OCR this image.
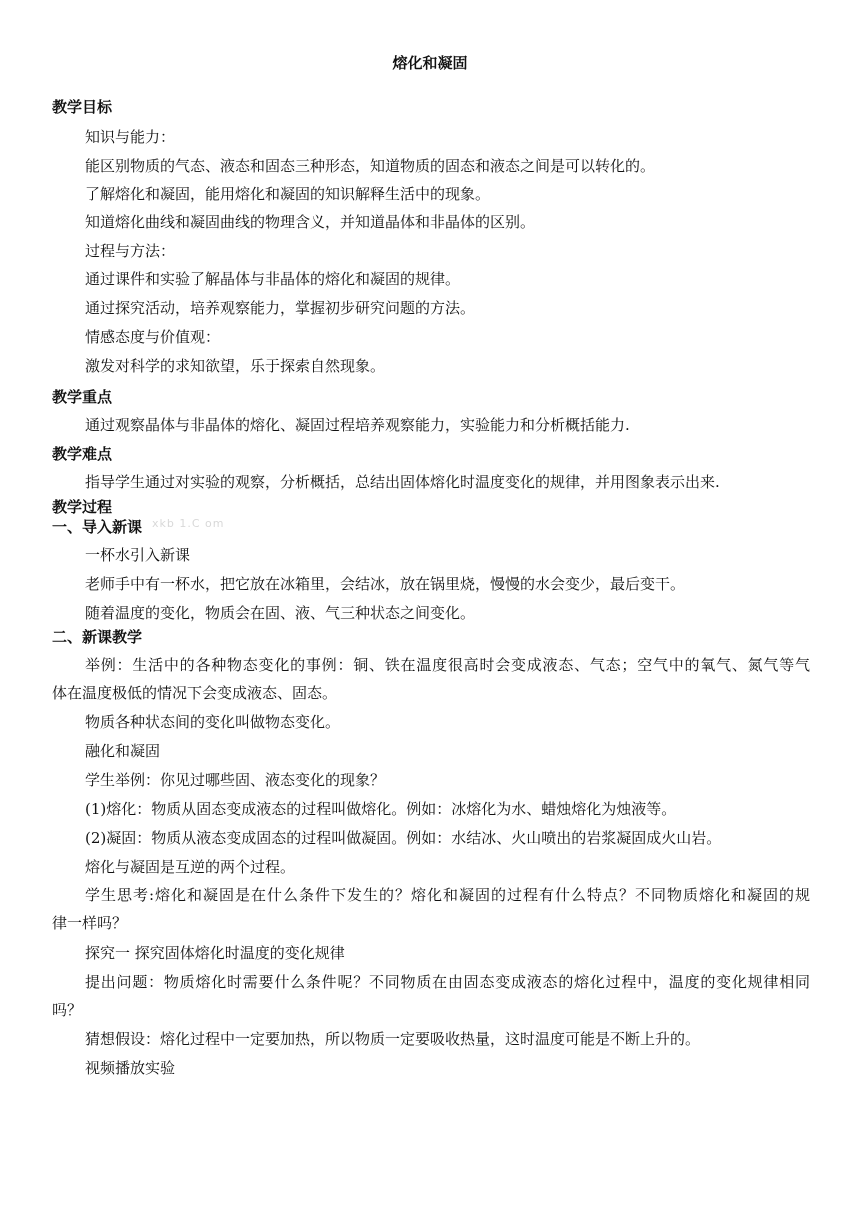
熔化和凝固
xkb 1.C om
教学目标
知识与能力：
能区别物质的气态、液态和固态三种形态，知道物质的固态和液态之间是可以转化的。
了解熔化和凝固，能用熔化和凝固的知识解释生活中的现象。
知道熔化曲线和凝固曲线的物理含义，并知道晶体和非晶体的区别。
过程与方法：
通过课件和实验了解晶体与非晶体的熔化和凝固的规律。
通过探究活动，培养观察能力，掌握初步研究问题的方法。
情感态度与价值观：
激发对科学的求知欲望，乐于探索自然现象。
教学重点
通过观察晶体与非晶体的熔化、凝固过程培养观察能力，实验能力和分析概括能力.
教学难点
指导学生通过对实验的观察，分析概括，总结出固体熔化时温度变化的规律，并用图象表示出来.
教学过程
一、导入新课
一杯水引入新课
老师手中有一杯水，把它放在冰箱里，会结冰，放在锅里烧，慢慢的水会变少，最后变干。
随着温度的变化，物质会在固、液、气三种状态之间变化。
二、新课教学
举例：生活中的各种物态变化的事例：铜、铁在温度很高时会变成液态、气态；空气中的氧气、氮气等气
体在温度极低的情况下会变成液态、固态。
物质各种状态间的变化叫做物态变化。
融化和凝固
学生举例：你见过哪些固、液态变化的现象？
(1)熔化：物质从固态变成液态的过程叫做熔化。例如：冰熔化为水、蜡烛熔化为烛液等。
(2)凝固：物质从液态变成固态的过程叫做凝固。例如：水结冰、火山喷出的岩浆凝固成火山岩。
熔化与凝固是互逆的两个过程。
学生思考:熔化和凝固是在什么条件下发生的？熔化和凝固的过程有什么特点？不同物质熔化和凝固的规
律一样吗？
探究一 探究固体熔化时温度的变化规律
提出问题：物质熔化时需要什么条件呢？不同物质在由固态变成液态的熔化过程中，温度的变化规律相同
吗？
猜想假设：熔化过程中一定要加热，所以物质一定要吸收热量，这时温度可能是不断上升的。
视频播放实验
